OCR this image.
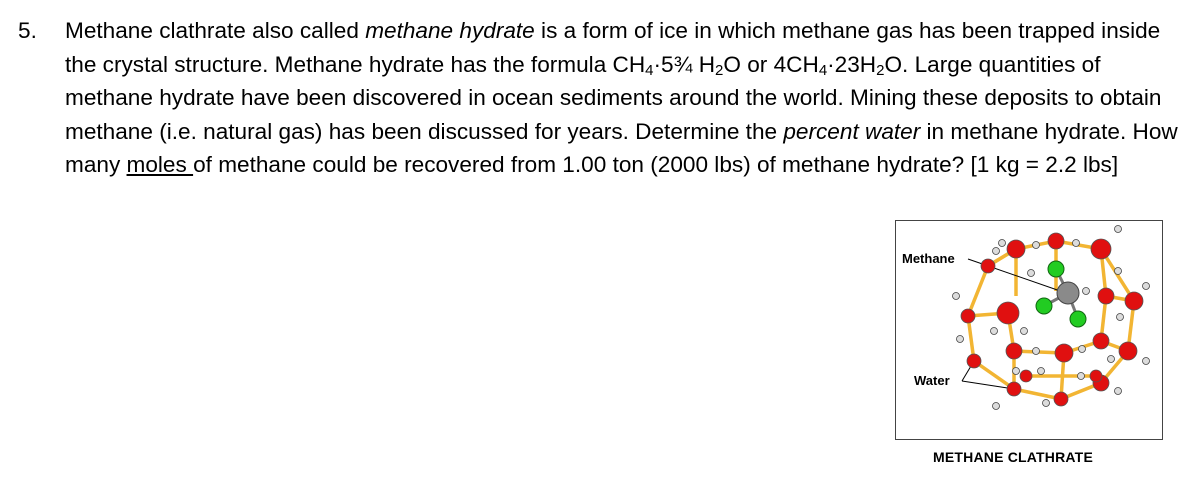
5. Methane clathrate also called methane hydrate is a form of ice in which methane gas has been trapped inside the crystal structure. Methane hydrate has the formula $CH_4\cdot 5\frac{3}{4}$ $H_2O$ or $4CH_4\cdot 23H_2O$. Large quantities of methane hydrate have been discovered in ocean sediments around the world. Mining these deposits to obtain methane (i.e. natural gas) has been discussed for years. Determine the percent water in methane hydrate. How many moles of methane could be recovered from 1.00 ton (2000 lbs) of methane hydrate? [1 kg = 2.2 lbs]
Methane
Water
METHANE CLATHRATE
